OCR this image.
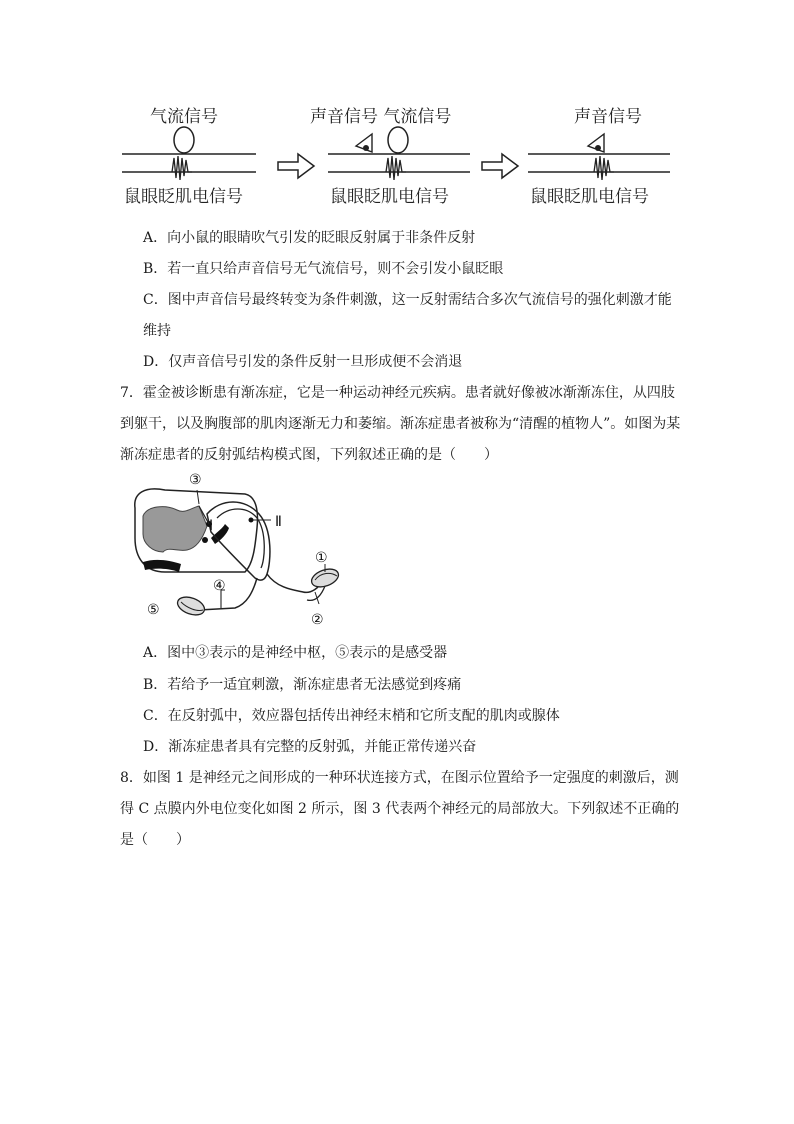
气流信号
鼠眼眨肌电信号
声音信号 气流信号
鼠眼眨肌电信号
声音信号
鼠眼眨肌电信号
A．向小鼠的眼睛吹气引发的眨眼反射属于非条件反射
B．若一直只给声音信号无气流信号，则不会引发小鼠眨眼
C．图中声音信号最终转变为条件刺激，这一反射需结合多次气流信号的强化刺激才能
维持
D．仅声音信号引发的条件反射一旦形成便不会消退
7．霍金被诊断患有渐冻症，它是一种运动神经元疾病。患者就好像被冰渐渐冻住，从四肢
到躯干，以及胸腹部的肌肉逐渐无力和萎缩。渐冻症患者被称为“清醒的植物人”。如图为某
渐冻症患者的反射弧结构模式图，下列叙述正确的是（　　）
③
Ⅰ	Ⅱ
①
④
⑤
②
A．图中③表示的是神经中枢，⑤表示的是感受器
B．若给予一适宜刺激，渐冻症患者无法感觉到疼痛
C．在反射弧中，效应器包括传出神经末梢和它所支配的肌肉或腺体
D．渐冻症患者具有完整的反射弧，并能正常传递兴奋
8．如图 1 是神经元之间形成的一种环状连接方式，在图示位置给予一定强度的刺激后，测
得 C 点膜内外电位变化如图 2 所示，图 3 代表两个神经元的局部放大。下列叙述不正确的
是（　　）
